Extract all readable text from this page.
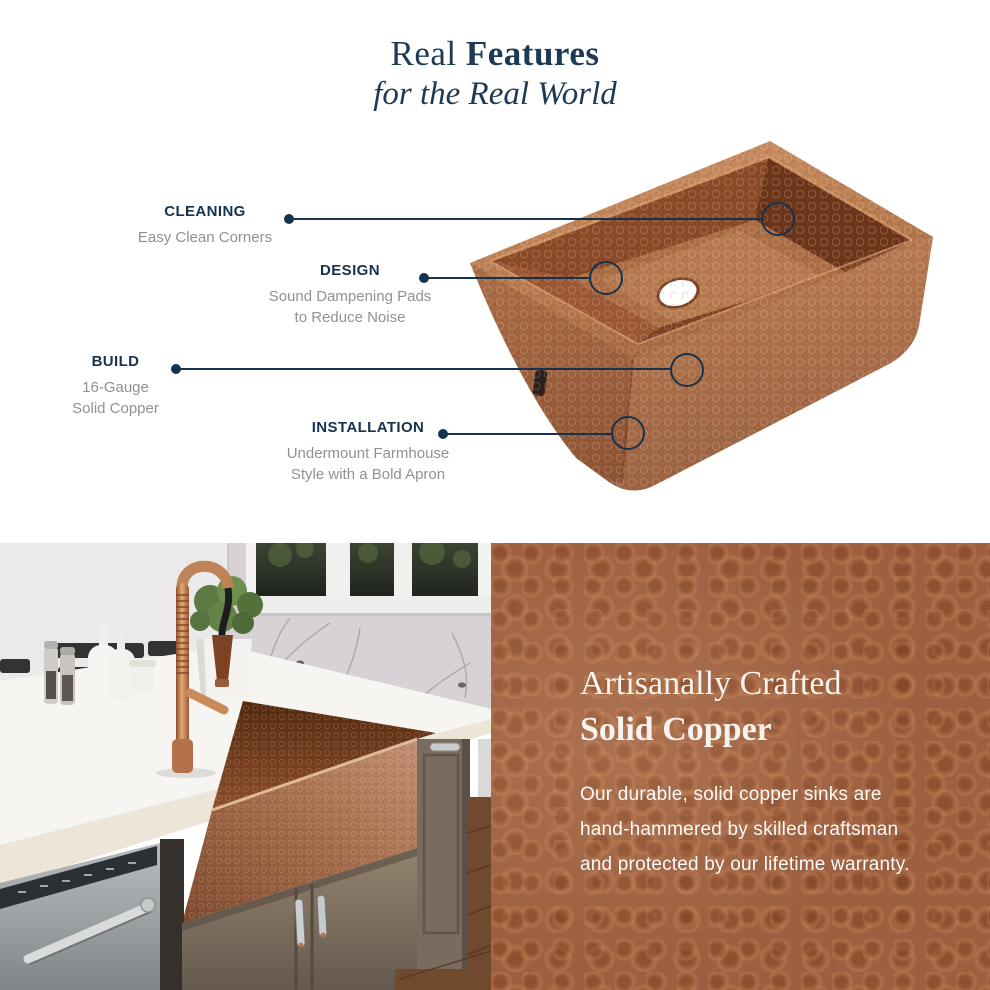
Real Features
for the Real World
CLEANING
Easy Clean Corners
DESIGN
Sound Dampening Pads
to Reduce Noise
BUILD
16-Gauge
Solid Copper
INSTALLATION
Undermount Farmhouse
Style with a Bold Apron
Artisanally Crafted
Solid Copper

Our durable, solid copper sinks are
hand-hammered by skilled craftsman
and protected by our lifetime warranty.
